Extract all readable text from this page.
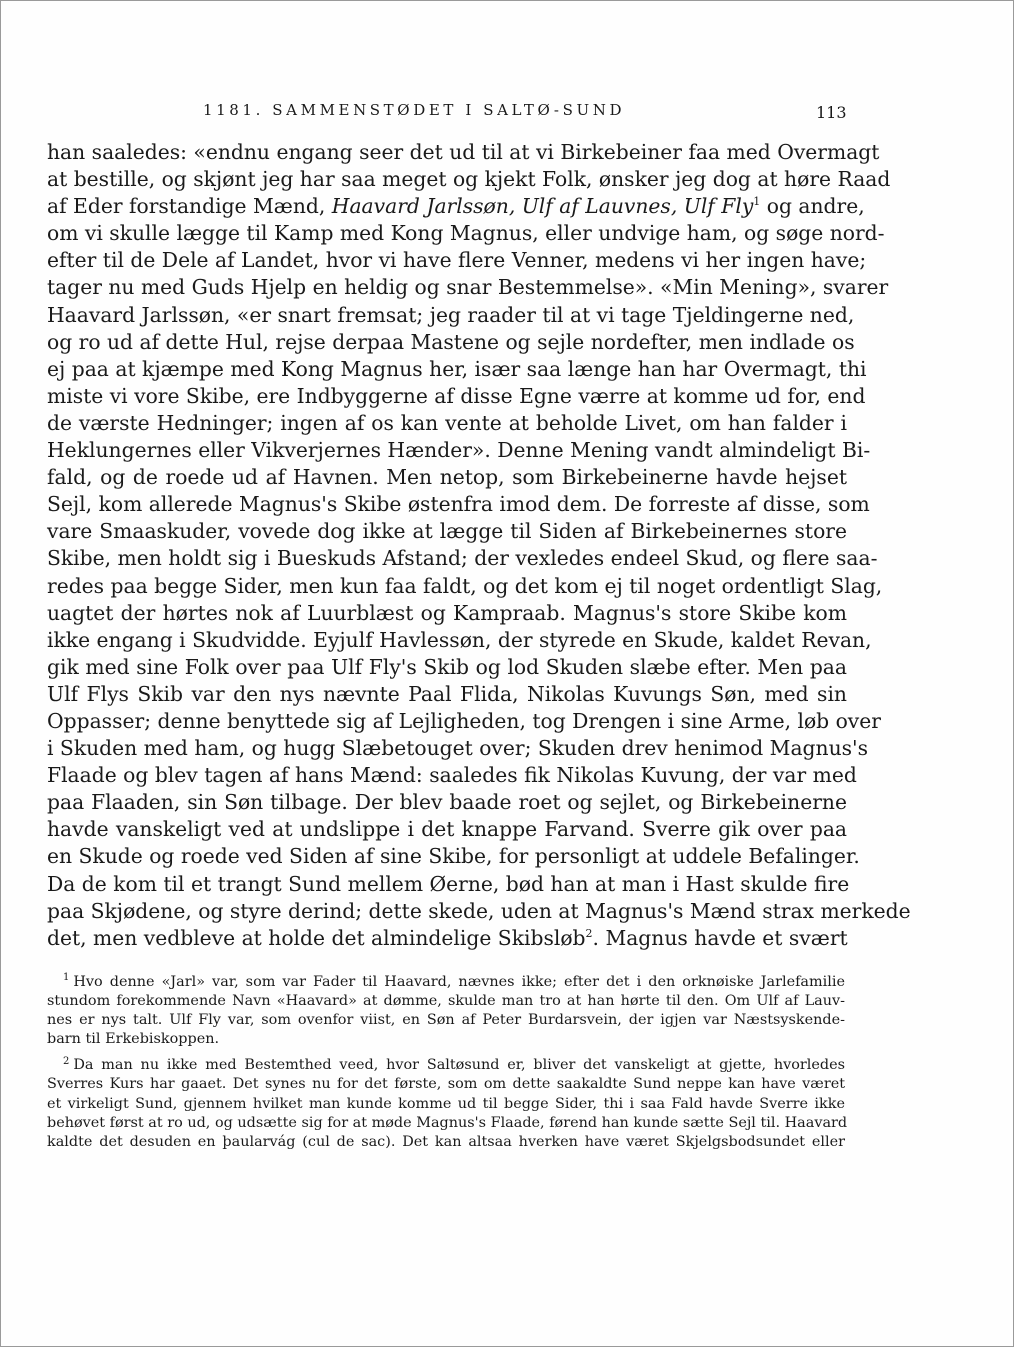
1181. SAMMENSTØDET I SALTØ-SUND	113
han saaledes: «endnu engang seer det ud til at vi Birkebeiner faa med Overmagt
at bestille, og skjønt jeg har saa meget og kjekt Folk, ønsker jeg dog at høre Raad
af Eder forstandige Mænd, Haavard Jarlssøn, Ulf af Lauvnes, Ulf Fly$^1$ og andre,
om vi skulle lægge til Kamp med Kong Magnus, eller undvige ham, og søge nord-
efter til de Dele af Landet, hvor vi have flere Venner, medens vi her ingen have;
tager nu med Guds Hjelp en heldig og snar Bestemmelse». «Min Mening», svarer
Haavard Jarlssøn, «er snart fremsat; jeg raader til at vi tage Tjeldingerne ned,
og ro ud af dette Hul, rejse derpaa Mastene og sejle nordefter, men indlade os
ej paa at kjæmpe med Kong Magnus her, især saa længe han har Overmagt, thi
miste vi vore Skibe, ere Indbyggerne af disse Egne værre at komme ud for, end
de værste Hedninger; ingen af os kan vente at beholde Livet, om han falder i
Heklungernes eller Vikverjernes Hænder». Denne Mening vandt almindeligt Bi-
fald, og de roede ud af Havnen. Men netop, som Birkebeinerne havde hejset
Sejl, kom allerede Magnus's Skibe østenfra imod dem. De forreste af disse, som
vare Smaaskuder, vovede dog ikke at lægge til Siden af Birkebeinernes store
Skibe, men holdt sig i Bueskuds Afstand; der vexledes endeel Skud, og flere saa-
redes paa begge Sider, men kun faa faldt, og det kom ej til noget ordentligt Slag,
uagtet der hørtes nok af Luurblæst og Kampraab. Magnus's store Skibe kom
ikke engang i Skudvidde. Eyjulf Havlessøn, der styrede en Skude, kaldet Revan,
gik med sine Folk over paa Ulf Fly's Skib og lod Skuden slæbe efter. Men paa
Ulf Flys Skib var den nys nævnte Paal Flida, Nikolas Kuvungs Søn, med sin
Oppasser; denne benyttede sig af Lejligheden, tog Drengen i sine Arme, løb over
i Skuden med ham, og hugg Slæbetouget over; Skuden drev henimod Magnus's
Flaade og blev tagen af hans Mænd: saaledes fik Nikolas Kuvung, der var med
paa Flaaden, sin Søn tilbage. Der blev baade roet og sejlet, og Birkebeinerne
havde vanskeligt ved at undslippe i det knappe Farvand. Sverre gik over paa
en Skude og roede ved Siden af sine Skibe, for personligt at uddele Befalinger.
Da de kom til et trangt Sund mellem Øerne, bød han at man i Hast skulde fire
paa Skjødene, og styre derind; dette skede, uden at Magnus's Mænd strax merkede
det, men vedbleve at holde det almindelige Skibsløb$^2$. Magnus havde et svært
$^1$ Hvo denne «Jarl» var, som var Fader til Haavard, nævnes ikke; efter det i den orknøiske Jarlefamilie
stundom forekommende Navn «Haavard» at dømme, skulde man tro at han hørte til den. Om Ulf af Lauv-
nes er nys talt. Ulf Fly var, som ovenfor viist, en Søn af Peter Burdarsvein, der igjen var Næstsyskende-
barn til Erkebiskoppen.
$^2$ Da man nu ikke med Bestemthed veed, hvor Saltøsund er, bliver det vanskeligt at gjette, hvorledes
Sverres Kurs har gaaet. Det synes nu for det første, som om dette saakaldte Sund neppe kan have været
et virkeligt Sund, gjennem hvilket man kunde komme ud til begge Sider, thi i saa Fald havde Sverre ikke
behøvet først at ro ud, og udsætte sig for at møde Magnus's Flaade, førend han kunde sætte Sejl til. Haavard
kaldte det desuden en þaularvág (cul de sac). Det kan altsaa hverken have været Skjelgsbodsundet eller
